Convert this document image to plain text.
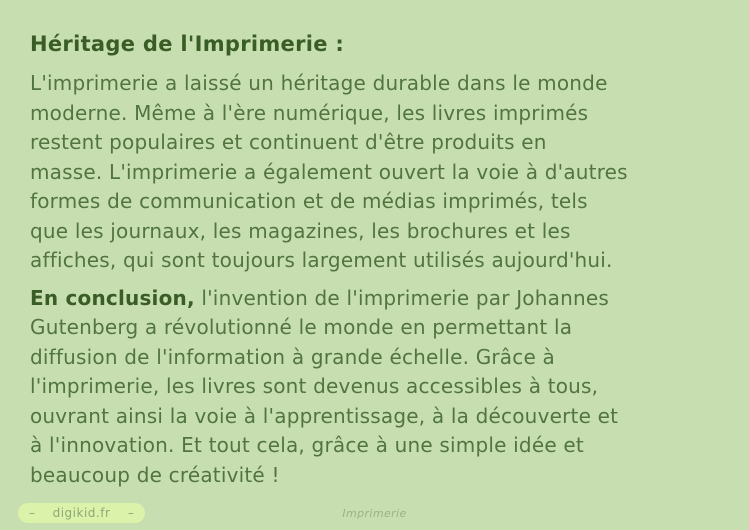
Héritage de l'Imprimerie :
L'imprimerie a laissé un héritage durable dans le monde
moderne. Même à l'ère numérique, les livres imprimés
restent populaires et continuent d'être produits en
masse. L'imprimerie a également ouvert la voie à d'autres
formes de communication et de médias imprimés, tels
que les journaux, les magazines, les brochures et les
affiches, qui sont toujours largement utilisés aujourd'hui.
En conclusion, l'invention de l'imprimerie par Johannes
Gutenberg a révolutionné le monde en permettant la
diffusion de l'information à grande échelle. Grâce à
l'imprimerie, les livres sont devenus accessibles à tous,
ouvrant ainsi la voie à l'apprentissage, à la découverte et
à l'innovation. Et tout cela, grâce à une simple idée et
beaucoup de créativité !
– digikid.fr –	Imprimerie
